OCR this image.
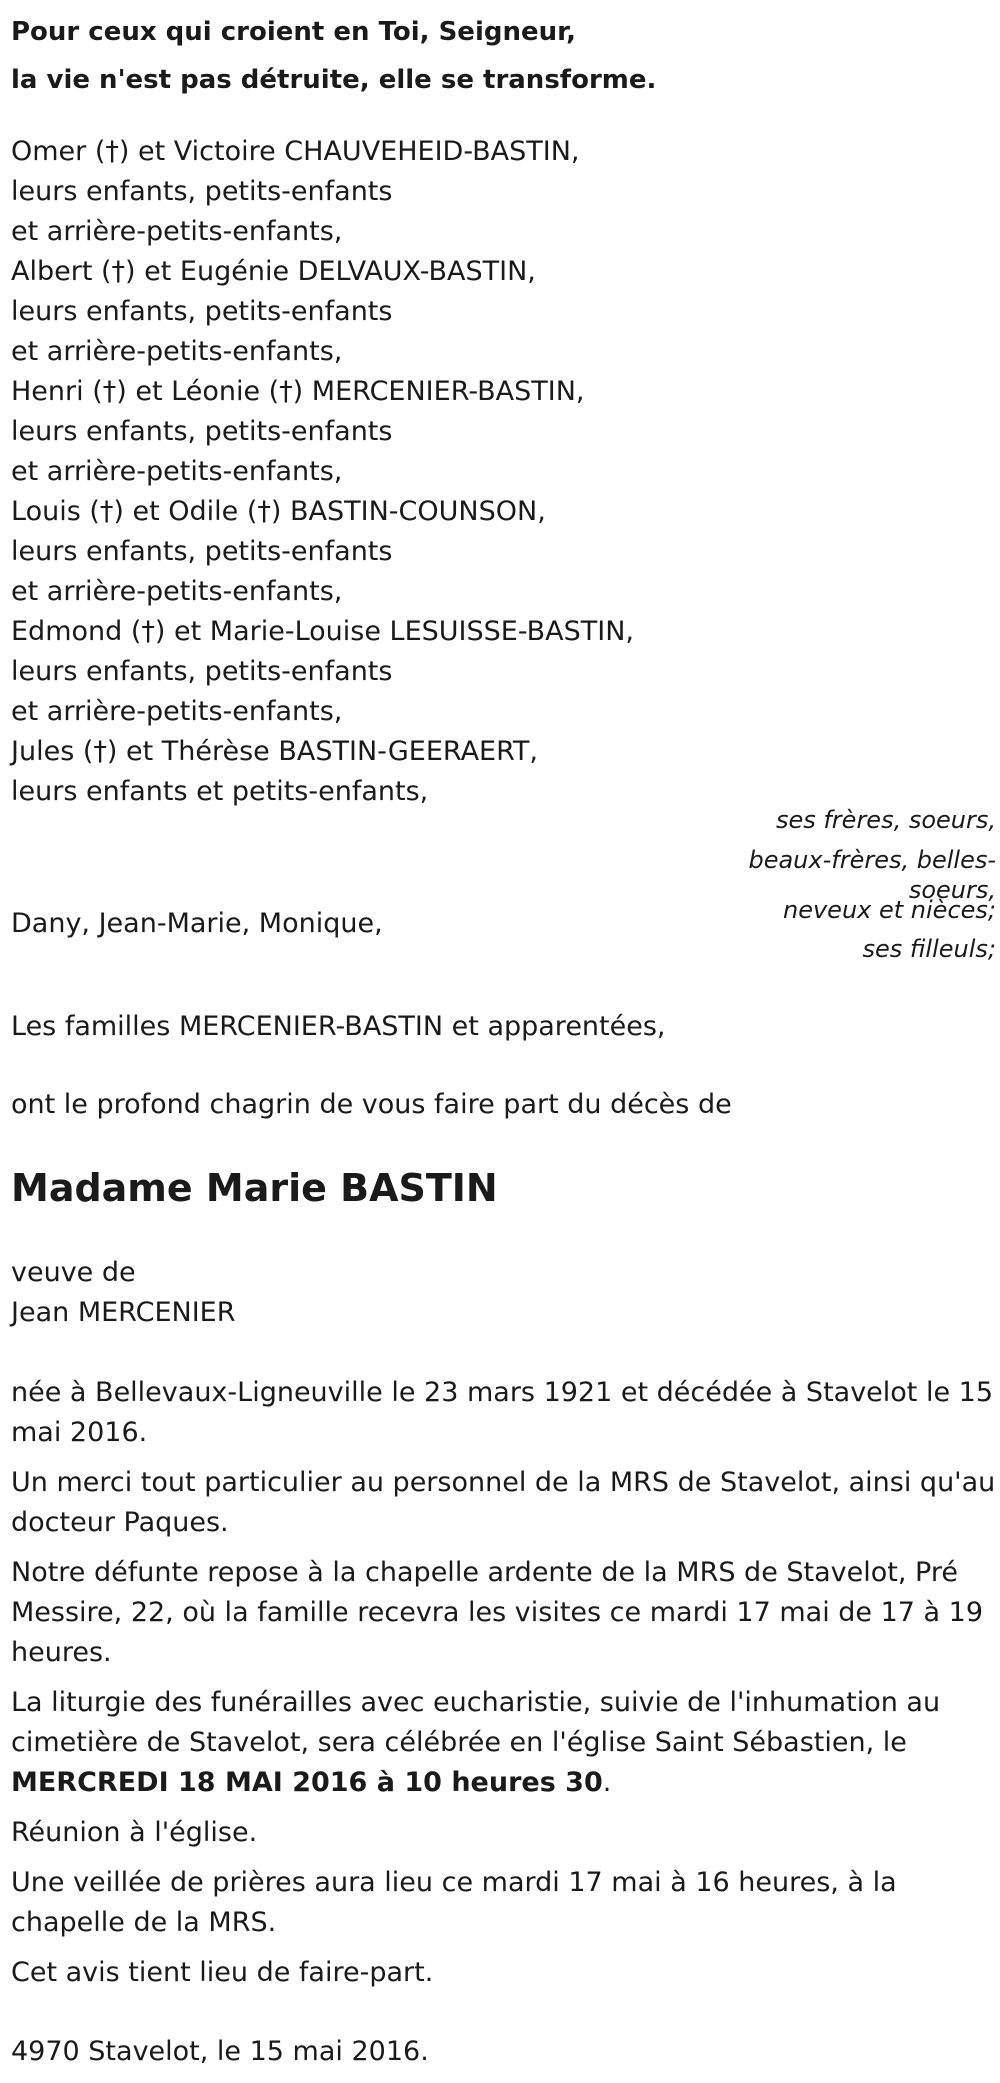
Pour ceux qui croient en Toi, Seigneur,
la vie n'est pas détruite, elle se transforme.
Omer (†) et Victoire CHAUVEHEID-BASTIN,
leurs enfants, petits-enfants
et arrière-petits-enfants,
Albert (†) et Eugénie DELVAUX-BASTIN,
leurs enfants, petits-enfants
et arrière-petits-enfants,
Henri (†) et Léonie (†) MERCENIER-BASTIN,
leurs enfants, petits-enfants
et arrière-petits-enfants,
Louis (†) et Odile (†) BASTIN-COUNSON,
leurs enfants, petits-enfants
et arrière-petits-enfants,
Edmond (†) et Marie-Louise LESUISSE-BASTIN,
leurs enfants, petits-enfants
et arrière-petits-enfants,
Jules (†) et Thérèse BASTIN-GEERAERT,
leurs enfants et petits-enfants,
ses frères, soeurs,
beaux-frères, belles-
soeurs,
neveux et nièces;
Dany, Jean-Marie, Monique,
ses filleuls;
Les familles MERCENIER-BASTIN et apparentées,
ont le profond chagrin de vous faire part du décès de
Madame Marie BASTIN
veuve de
Jean MERCENIER

née à Bellevaux-Ligneuville le 23 mars 1921 et décédée à Stavelot le 15 mai 2016.

Un merci tout particulier au personnel de la MRS de Stavelot, ainsi qu'au docteur Paques.

Notre défunte repose à la chapelle ardente de la MRS de Stavelot, Pré Messire, 22, où la famille recevra les visites ce mardi 17 mai de 17 à 19 heures.

La liturgie des funérailles avec eucharistie, suivie de l'inhumation au cimetière de Stavelot, sera célébrée en l'église Saint Sébastien, le MERCREDI 18 MAI 2016 à 10 heures 30.

Réunion à l'église.

Une veillée de prières aura lieu ce mardi 17 mai à 16 heures, à la chapelle de la MRS.

Cet avis tient lieu de faire-part.

4970 Stavelot, le 15 mai 2016.
